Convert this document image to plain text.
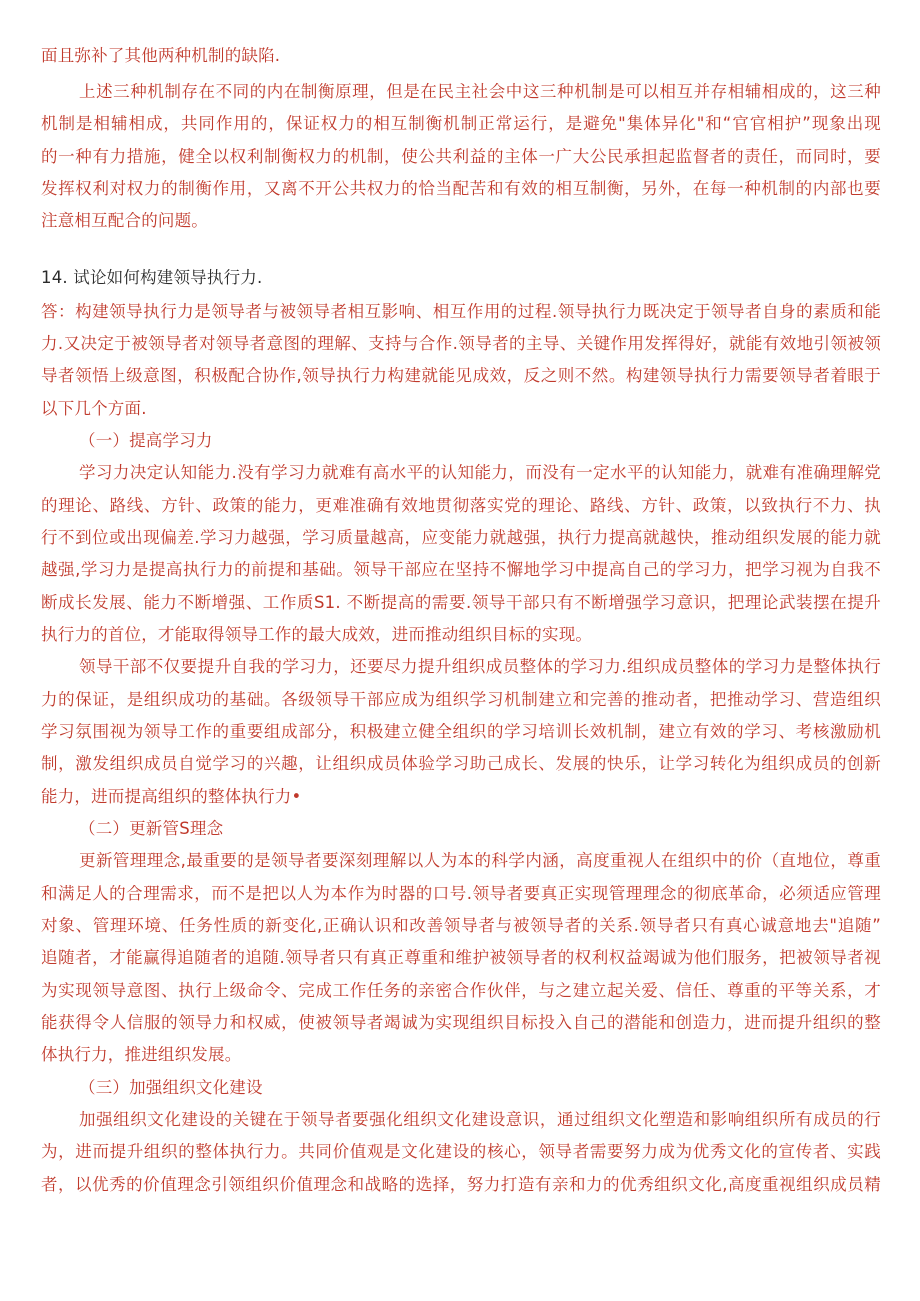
面且弥补了其他两种机制的缺陷.
上述三种机制存在不同的内在制衡原理，但是在民主社会中这三种机制是可以相互并存相辅相成的，这三种
机制是相辅相成，共同作用的，保证权力的相互制衡机制正常运行，是避免"集体异化"和“官官相护”现象出现
的一种有力措施，健全以权利制衡权力的机制，使公共利益的主体一广大公民承担起监督者的责任，而同时，要
发挥权利对权力的制衡作用，又离不开公共权力的恰当配苦和有效的相互制衡，另外，在每一种机制的内部也要
注意相互配合的问题。
14. 试论如何构建领导执行力.
答：构建领导执行力是领导者与被领导者相互影响、相互作用的过程.领导执行力既决定于领导者自身的素质和能
力.又决定于被领导者对领导者意图的理解、支持与合作.领导者的主导、关键作用发挥得好，就能有效地引领被领
导者领悟上级意图，积极配合协作,领导执行力构建就能见成效，反之则不然。构建领导执行力需要领导者着眼于
以下几个方面.
（一）提高学习力
学习力决定认知能力.没有学习力就难有高水平的认知能力，而没有一定水平的认知能力，就难有准确理解党
的理论、路线、方针、政策的能力，更难准确有效地贯彻落实党的理论、路线、方针、政策，以致执行不力、执
行不到位或出现偏差.学习力越强，学习质量越高，应变能力就越强，执行力提高就越快，推动组织发展的能力就
越强,学习力是提高执行力的前提和基础。领导干部应在坚持不懈地学习中提高自己的学习力，把学习视为自我不
断成长发展、能力不断增强、工作质S1. 不断提高的需要.领导干部只有不断增强学习意识，把理论武装摆在提升
执行力的首位，才能取得领导工作的最大成效，进而推动组织目标的实现。
领导干部不仅要提升自我的学习力，还要尽力提升组织成员整体的学习力.组织成员整体的学习力是整体执行
力的保证，是组织成功的基础。各级领导干部应成为组织学习机制建立和完善的推动者，把推动学习、营造组织
学习氛围视为领导工作的重要组成部分，积极建立健全组织的学习培训长效机制，建立有效的学习、考核激励机
制，激发组织成员自觉学习的兴趣，让组织成员体验学习助己成长、发展的快乐，让学习转化为组织成员的创新
能力，进而提高组织的整体执行力•
（二）更新管S理念
更新管理理念,最重要的是领导者要深刻理解以人为本的科学内涵，高度重视人在组织中的价（直地位，尊重
和满足人的合理需求，而不是把以人为本作为时器的口号.领导者要真正实现管理理念的彻底革命，必须适应管理
对象、管理环境、任务性质的新变化,正确认识和改善领导者与被领导者的关系.领导者只有真心诚意地去"追随”
追随者，才能赢得追随者的追随.领导者只有真正尊重和维护被领导者的权利权益竭诚为他们服务，把被领导者视
为实现领导意图、执行上级命令、完成工作任务的亲密合作伙伴，与之建立起关爱、信任、尊重的平等关系，才
能获得令人信服的领导力和权威，使被领导者竭诚为实现组织目标投入自己的潜能和创造力，进而提升组织的整
体执行力，推进组织发展。
（三）加强组织文化建设
加强组织文化建设的关键在于领导者要强化组织文化建设意识，通过组织文化塑造和影响组织所有成员的行
为，进而提升组织的整体执行力。共同价值观是文化建设的核心，领导者需要努力成为优秀文化的宣传者、实践
者，以优秀的价值理念引领组织价值理念和战略的选择，努力打造有亲和力的优秀组织文化,高度重视组织成员精
